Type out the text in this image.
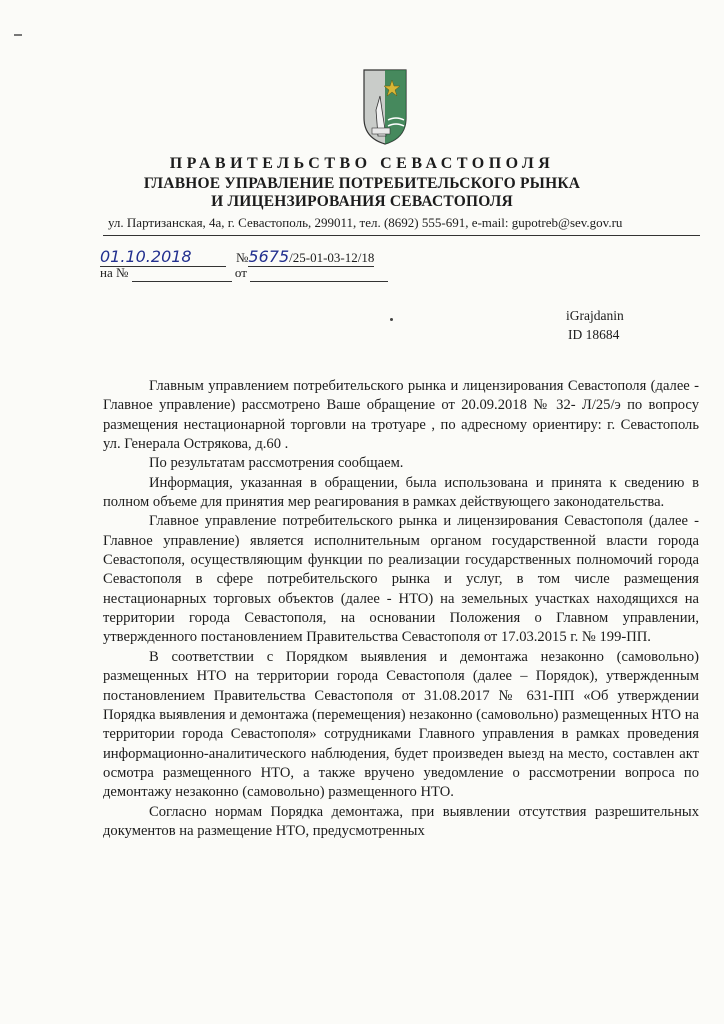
ПРАВИТЕЛЬСТВО СЕВАСТОПОЛЯ
ГЛАВНОЕ УПРАВЛЕНИЕ ПОТРЕБИТЕЛЬСКОГО РЫНКА
И ЛИЦЕНЗИРОВАНИЯ СЕВАСТОПОЛЯ
ул. Партизанская, 4а, г. Севастополь, 299011, тел. (8692) 555-691, e-mail: gupotreb@sev.gov.ru
01.10.2018	№5675/25-01-03-12/18
на №	от
iGrajdanin
ID 18684

Главным управлением потребительского рынка и лицензирования Севастополя (далее - Главное управление) рассмотрено Ваше обращение от 20.09.2018 № 32- Л/25/э по вопросу размещения нестационарной торговли на тротуаре , по адресному ориентиру: г. Севастополь ул. Генерала Острякова, д.60 .

По результатам рассмотрения сообщаем.

Информация, указанная в обращении, была использована и принята к сведению в полном объеме для принятия мер реагирования в рамках действующего законодательства.

Главное управление потребительского рынка и лицензирования Севастополя (далее - Главное управление) является исполнительным органом государственной власти города Севастополя, осуществляющим функции по реализации государственных полномочий города Севастополя в сфере потребительского рынка и услуг, в том числе размещения нестационарных торговых объектов (далее - НТО) на земельных участках находящихся на территории города Севастополя, на основании Положения о Главном управлении, утвержденного постановлением Правительства Севастополя от 17.03.2015 г. № 199-ПП.

В соответствии с Порядком выявления и демонтажа незаконно (самовольно) размещенных НТО на территории города Севастополя (далее – Порядок), утвержденным постановлением Правительства Севастополя от 31.08.2017 № 631-ПП «Об утверждении Порядка выявления и демонтажа (перемещения) незаконно (самовольно) размещенных НТО на территории города Севастополя» сотрудниками Главного управления в рамках проведения информационно-аналитического наблюдения, будет произведен выезд на место, составлен акт осмотра размещенного НТО, а также вручено уведомление о рассмотрении вопроса по демонтажу незаконно (самовольно) размещенного НТО.

Согласно нормам Порядка демонтажа, при выявлении отсутствия разрешительных документов на размещение НТО, предусмотренных
